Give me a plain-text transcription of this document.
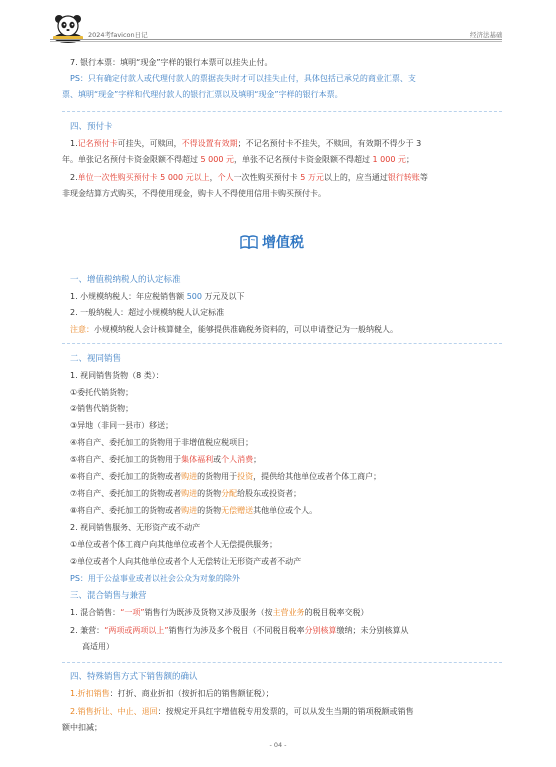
2024考favicon日记	经济法基础
7. 银行本票：填明“现金”字样的银行本票可以挂失止付。
PS：只有确定付款人或代理付款人的票据丧失时才可以挂失止付，具体包括已承兑的商业汇票、支
票、填明“现金”字样和代理付款人的银行汇票以及填明“现金”字样的银行本票。
四、预付卡
1.记名预付卡可挂失，可赎回，不得设置有效期；不记名预付卡不挂失，不赎回，有效期不得少于 3
年。单张记名预付卡资金限额不得超过 5 000 元，单张不记名预付卡资金限额不得超过 1 000 元；
2.单位一次性购买预付卡 5 000 元以上，个人一次性购买预付卡 5 万元以上的，应当通过银行转账等
非现金结算方式购买，不得使用现金，购卡人不得使用信用卡购买预付卡。
增值税
一、增值税纳税人的认定标准
1. 小规模纳税人：年应税销售额 500 万元及以下
2. 一般纳税人：超过小规模纳税人认定标准
注意：小规模纳税人会计核算健全，能够提供准确税务资料的，可以申请登记为一般纳税人。
二、视同销售
1. 视同销售货物（8 类）：
①委托代销货物；
②销售代销货物；
③异地（非同一县市）移送；
④将自产、委托加工的货物用于非增值税应税项目；
⑤将自产、委托加工的货物用于集体福利或个人消费；
⑥将自产、委托加工的货物或者购进的货物用于投资，提供给其他单位或者个体工商户；
⑦将自产、委托加工的货物或者购进的货物分配给股东或投资者；
⑧将自产、委托加工的货物或者购进的货物无偿赠送其他单位或个人。
2. 视同销售服务、无形资产或不动产
①单位或者个体工商户向其他单位或者个人无偿提供服务；
②单位或者个人向其他单位或者个人无偿转让无形资产或者不动产
PS：用于公益事业或者以社会公众为对象的除外
三、混合销售与兼营
1. 混合销售：“一项”销售行为既涉及货物又涉及服务（按主营业务的税目税率交税）
2. 兼营：“两项或两项以上”销售行为涉及多个税目（不同税目税率分别核算缴纳；未分别核算从
高适用）
四、特殊销售方式下销售额的确认
1.折扣销售：打折、商业折扣（按折扣后的销售额征税）；
2.销售折让、中止、退回：按规定开具红字增值税专用发票的，可以从发生当期的销项税额或销售
额中扣减；
- 04 -
